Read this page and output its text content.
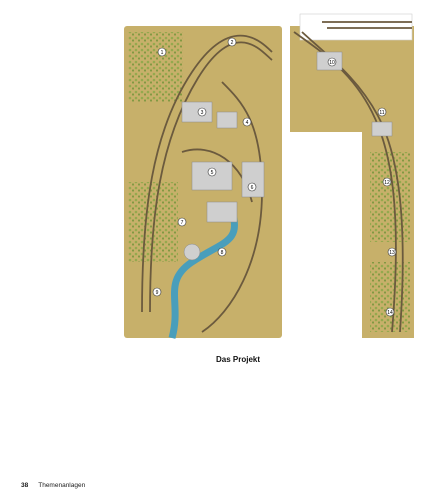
1
2
3
4
5
6
7
8
9
10
11
12
13
14
Das Projekt
38 Themenanlagen
